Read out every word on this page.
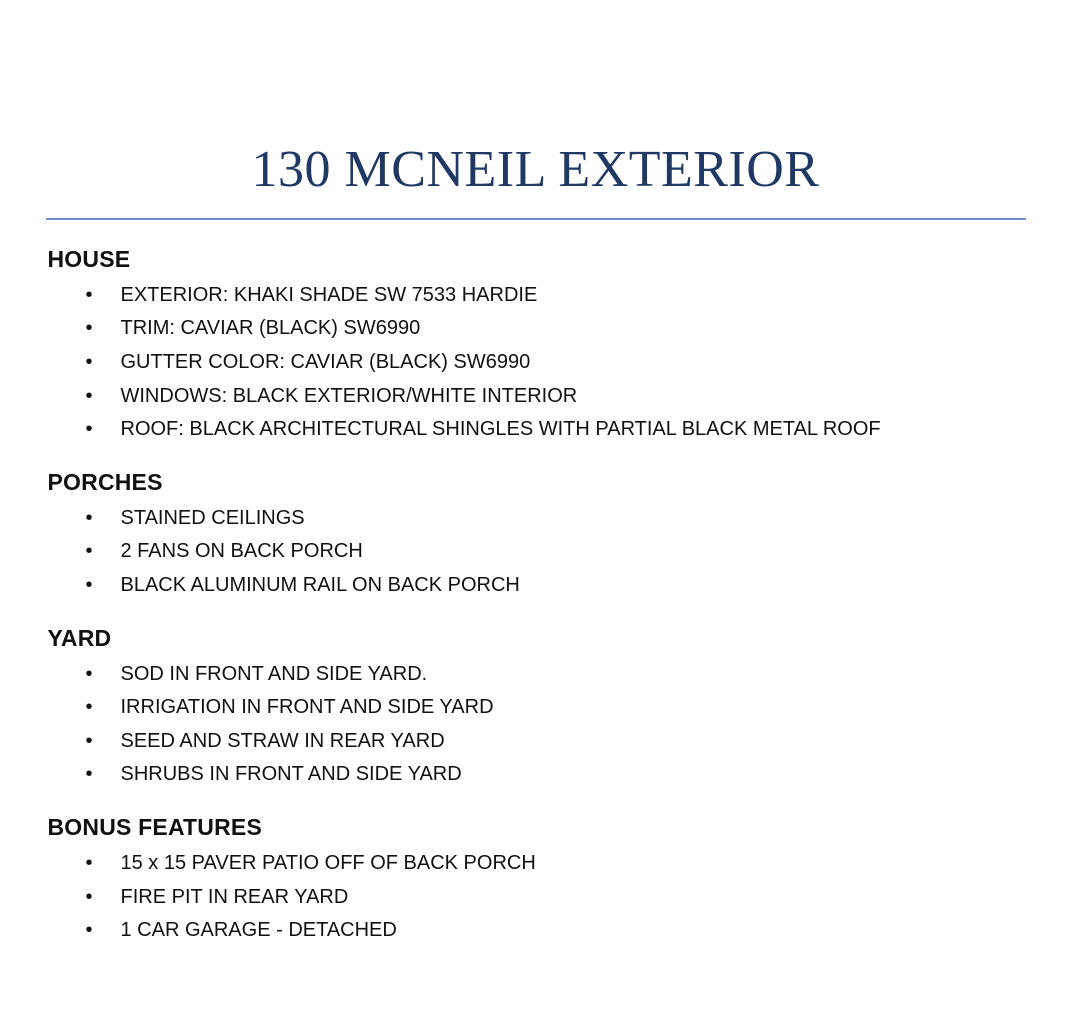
130 MCNEIL EXTERIOR
HOUSE
• EXTERIOR: KHAKI SHADE SW 7533 HARDIE
• TRIM: CAVIAR (BLACK) SW6990
• GUTTER COLOR: CAVIAR (BLACK) SW6990
• WINDOWS: BLACK EXTERIOR/WHITE INTERIOR
• ROOF: BLACK ARCHITECTURAL SHINGLES WITH PARTIAL BLACK METAL ROOF
PORCHES
• STAINED CEILINGS
• 2 FANS ON BACK PORCH
• BLACK ALUMINUM RAIL ON BACK PORCH
YARD
• SOD IN FRONT AND SIDE YARD.
• IRRIGATION IN FRONT AND SIDE YARD
• SEED AND STRAW IN REAR YARD
• SHRUBS IN FRONT AND SIDE YARD
BONUS FEATURES
• 15 x 15 PAVER PATIO OFF OF BACK PORCH
• FIRE PIT IN REAR YARD
• 1 CAR GARAGE - DETACHED
